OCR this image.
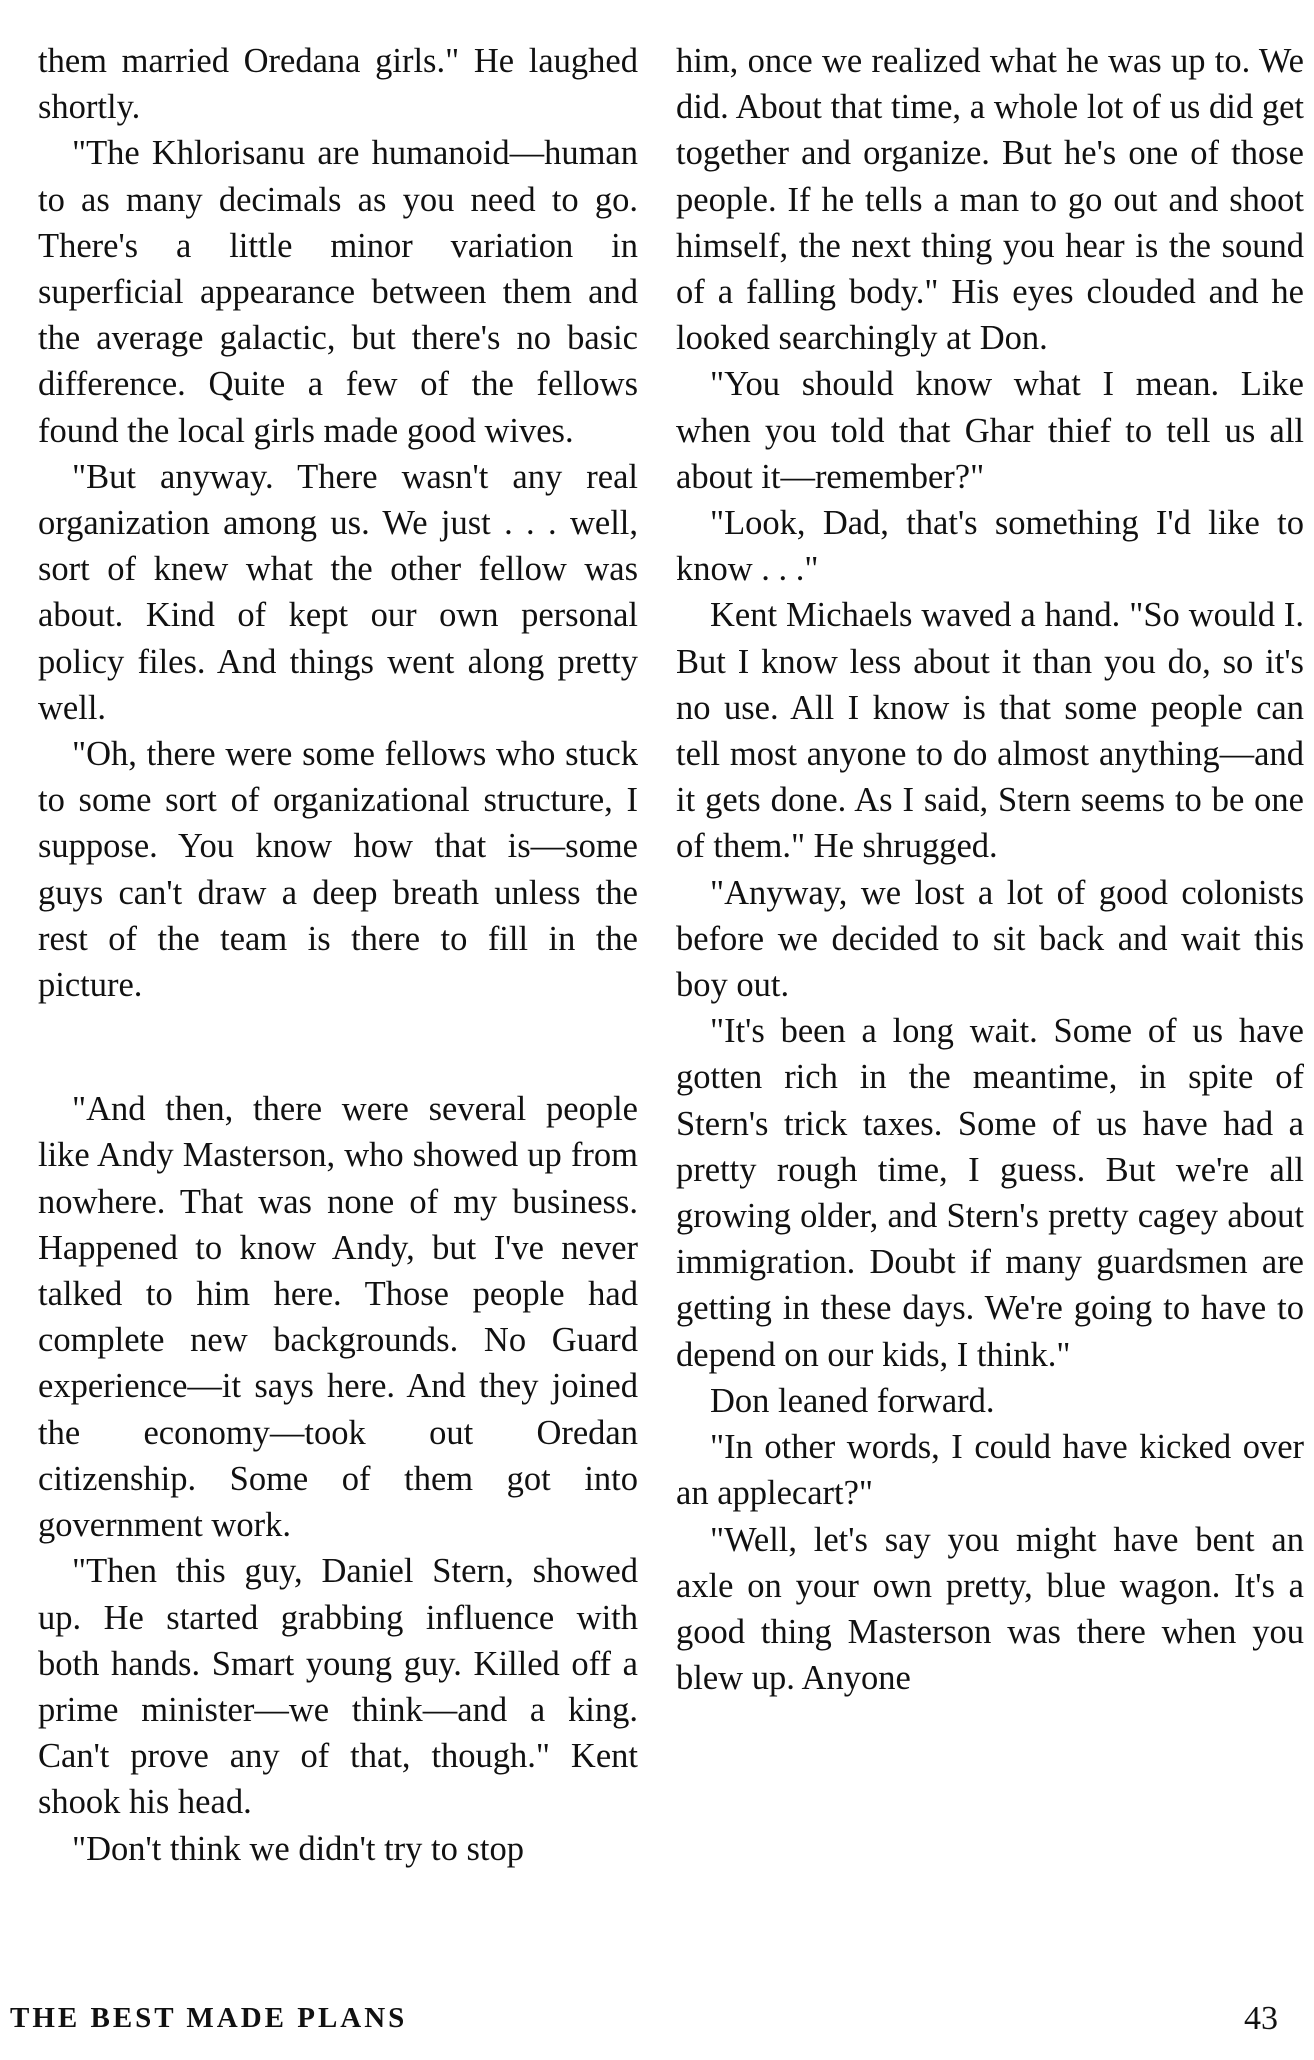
them married Oredana girls." He laughed shortly.

"The Khlorisanu are humanoid—human to as many decimals as you need to go. There's a little minor variation in superficial appearance between them and the average galactic, but there's no basic difference. Quite a few of the fellows found the local girls made good wives.

"But anyway. There wasn't any real organization among us. We just . . . well, sort of knew what the other fellow was about. Kind of kept our own personal policy files. And things went along pretty well.

"Oh, there were some fellows who stuck to some sort of organizational structure, I suppose. You know how that is—some guys can't draw a deep breath unless the rest of the team is there to fill in the picture.

"And then, there were several people like Andy Masterson, who showed up from nowhere. That was none of my business. Happened to know Andy, but I've never talked to him here. Those people had complete new backgrounds. No Guard experience—it says here. And they joined the economy—took out Oredan citizenship. Some of them got into government work.

"Then this guy, Daniel Stern, showed up. He started grabbing influence with both hands. Smart young guy. Killed off a prime minister—we think—and a king. Can't prove any of that, though." Kent shook his head.

"Don't think we didn't try to stop

him, once we realized what he was up to. We did. About that time, a whole lot of us did get together and organize. But he's one of those people. If he tells a man to go out and shoot himself, the next thing you hear is the sound of a falling body." His eyes clouded and he looked searchingly at Don.

"You should know what I mean. Like when you told that Ghar thief to tell us all about it—remember?"

"Look, Dad, that's something I'd like to know . . ."

Kent Michaels waved a hand. "So would I. But I know less about it than you do, so it's no use. All I know is that some people can tell most anyone to do almost anything—and it gets done. As I said, Stern seems to be one of them." He shrugged.

"Anyway, we lost a lot of good colonists before we decided to sit back and wait this boy out.

"It's been a long wait. Some of us have gotten rich in the meantime, in spite of Stern's trick taxes. Some of us have had a pretty rough time, I guess. But we're all growing older, and Stern's pretty cagey about immigration. Doubt if many guardsmen are getting in these days. We're going to have to depend on our kids, I think."

Don leaned forward.

"In other words, I could have kicked over an applecart?"

"Well, let's say you might have bent an axle on your own pretty, blue wagon. It's a good thing Masterson was there when you blew up. Anyone

THE BEST MADE PLANS	43
